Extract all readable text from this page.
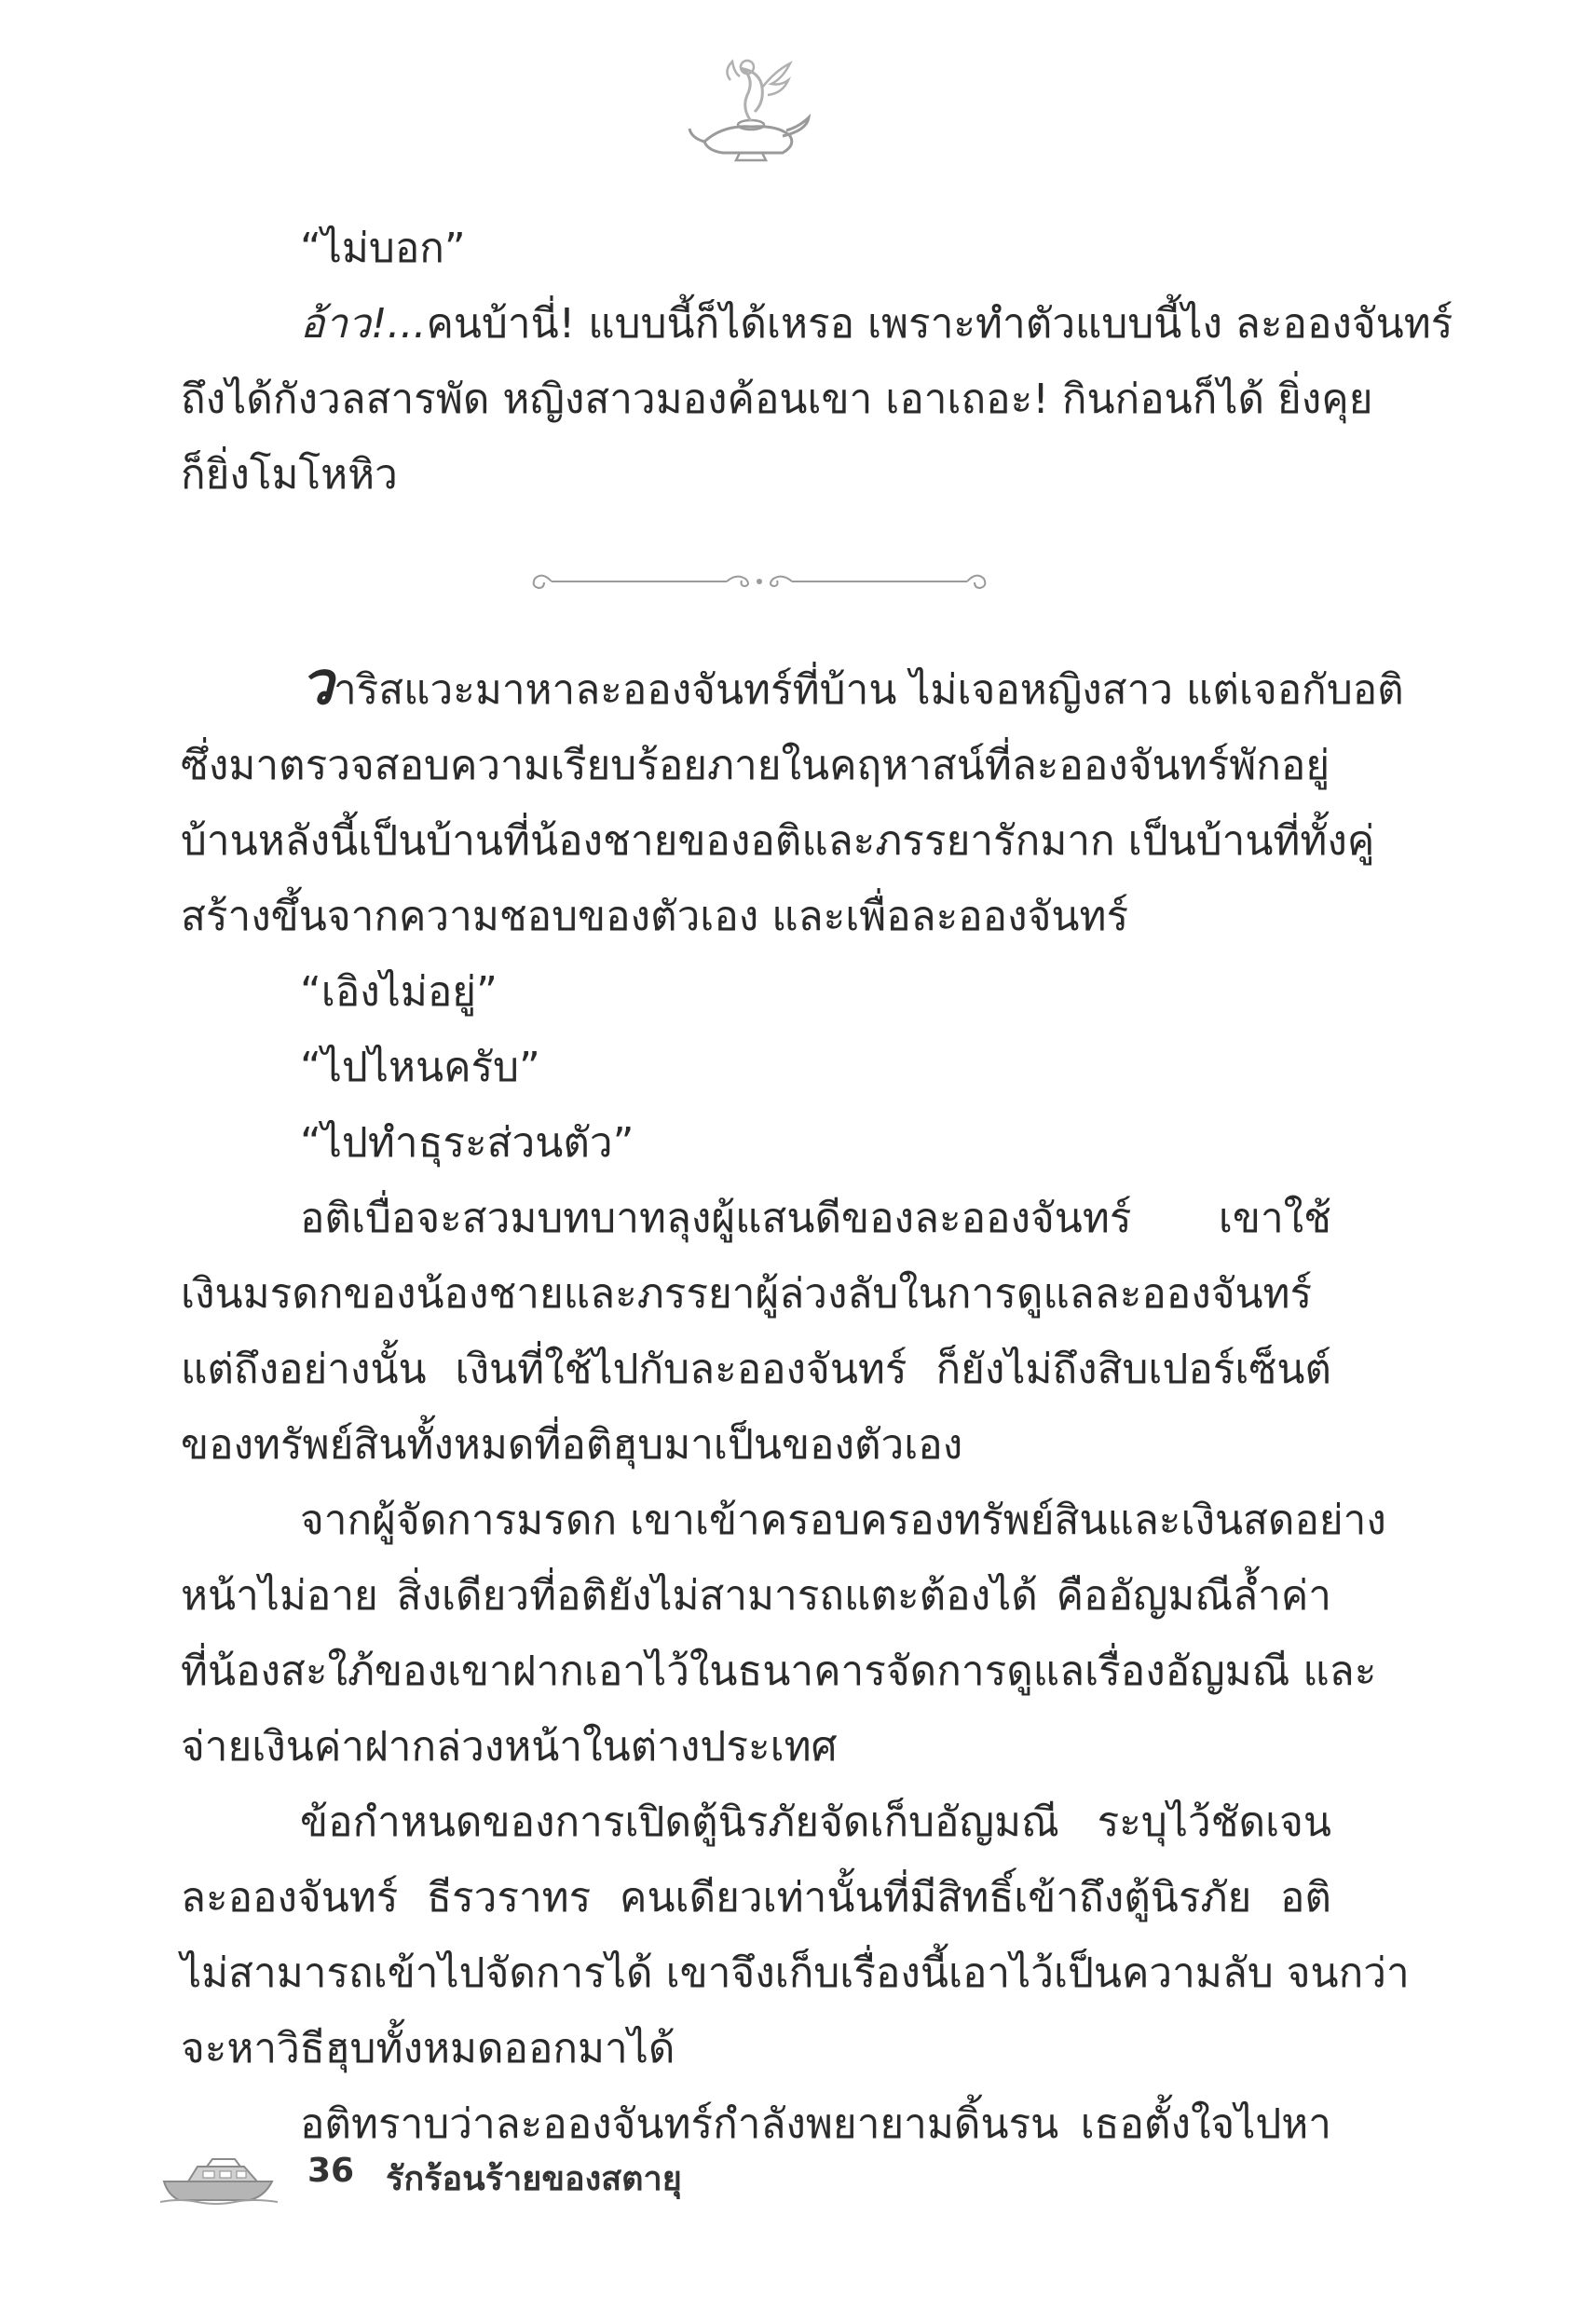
“ไม่บอก”
อ้าว!...คนบ้านี่! แบบนี้ก็ได้เหรอ เพราะทำตัวแบบนี้ไง ละอองจันทร์
ถึงได้กังวลสารพัด หญิงสาวมองค้อนเขา เอาเถอะ! กินก่อนก็ได้ ยิ่งคุย
ก็ยิ่งโมโหหิว
วาริสแวะมาหาละอองจันทร์ที่บ้าน ไม่เจอหญิงสาว แต่เจอกับอติ
ซึ่งมาตรวจสอบความเรียบร้อยภายในคฤหาสน์ที่ละอองจันทร์พักอยู่
บ้านหลังนี้เป็นบ้านที่น้องชายของอติและภรรยารักมาก เป็นบ้านที่ทั้งคู่
สร้างขึ้นจากความชอบของตัวเอง และเพื่อละอองจันทร์
“เอิงไม่อยู่”
“ไปไหนครับ”
“ไปทำธุระส่วนตัว”
อติเบื่อจะสวมบทบาทลุงผู้แสนดีของละอองจันทร์ เขาใช้
เงินมรดกของน้องชายและภรรยาผู้ล่วงลับในการดูแลละอองจันทร์
แต่ถึงอย่างนั้น เงินที่ใช้ไปกับละอองจันทร์ ก็ยังไม่ถึงสิบเปอร์เซ็นต์
ของทรัพย์สินทั้งหมดที่อติฮุบมาเป็นของตัวเอง
จากผู้จัดการมรดก เขาเข้าครอบครองทรัพย์สินและเงินสดอย่าง
หน้าไม่อาย สิ่งเดียวที่อติยังไม่สามารถแตะต้องได้ คืออัญมณีล้ำค่า
ที่น้องสะใภ้ของเขาฝากเอาไว้ในธนาคารจัดการดูแลเรื่องอัญมณี และ
จ่ายเงินค่าฝากล่วงหน้าในต่างประเทศ
ข้อกำหนดของการเปิดตู้นิรภัยจัดเก็บอัญมณี ระบุไว้ชัดเจน
ละอองจันทร์ ธีรวราทร คนเดียวเท่านั้นที่มีสิทธิ์เข้าถึงตู้นิรภัย อติ
ไม่สามารถเข้าไปจัดการได้ เขาจึงเก็บเรื่องนี้เอาไว้เป็นความลับ จนกว่า
จะหาวิธีฮุบทั้งหมดออกมาได้
อติทราบว่าละอองจันทร์กำลังพยายามดิ้นรน เธอตั้งใจไปหา
36 รักร้อนร้ายของสตายุ
